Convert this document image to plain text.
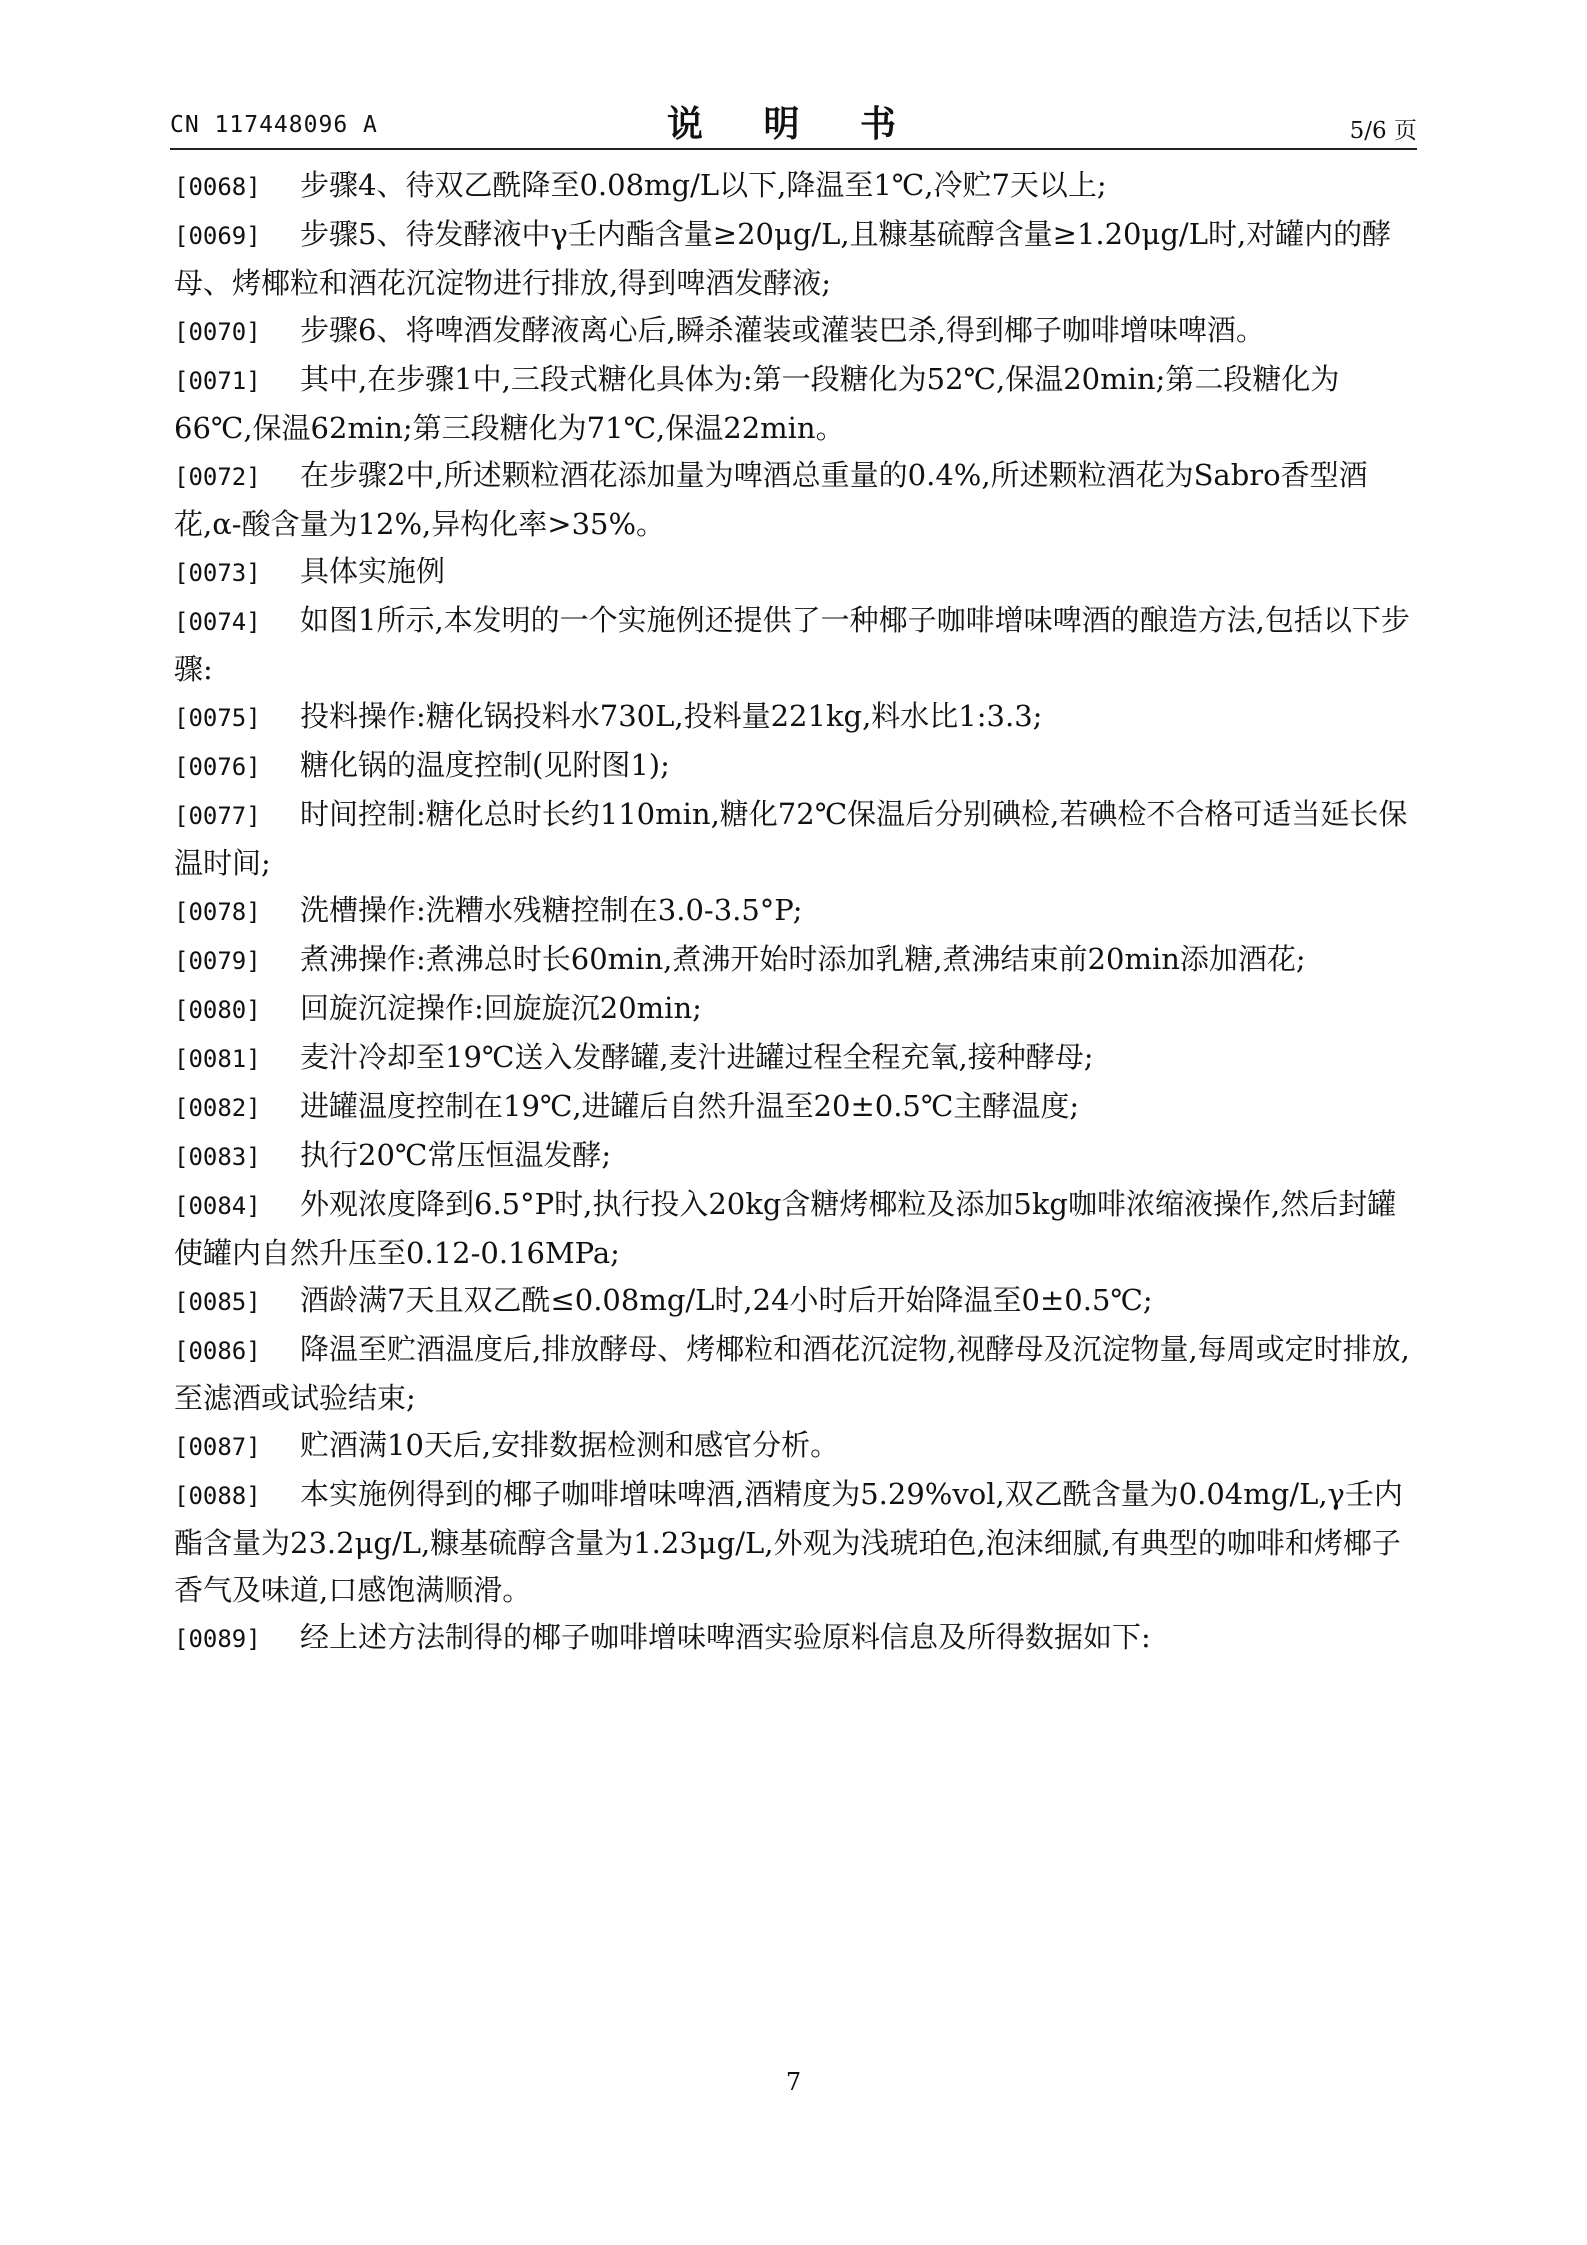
CN 117448096 A	说 明 书	5/6 页
[0068] 步骤4、待双乙酰降至0.08mg/L以下,降温至1℃,冷贮7天以上;
[0069] 步骤5、待发酵液中γ壬内酯含量≥20μg/L,且糠基硫醇含量≥1.20μg/L时,对罐内的酵母、烤椰粒和酒花沉淀物进行排放,得到啤酒发酵液;
[0070] 步骤6、将啤酒发酵液离心后,瞬杀灌装或灌装巴杀,得到椰子咖啡增味啤酒。
[0071] 其中,在步骤1中,三段式糖化具体为:第一段糖化为52℃,保温20min;第二段糖化为66℃,保温62min;第三段糖化为71℃,保温22min。
[0072] 在步骤2中,所述颗粒酒花添加量为啤酒总重量的0.4%,所述颗粒酒花为Sabro香型酒花,α-酸含量为12%,异构化率>35%。
[0073] 具体实施例
[0074] 如图1所示,本发明的一个实施例还提供了一种椰子咖啡增味啤酒的酿造方法,包括以下步骤:
[0075] 投料操作:糖化锅投料水730L,投料量221kg,料水比1:3.3;
[0076] 糖化锅的温度控制(见附图1);
[0077] 时间控制:糖化总时长约110min,糖化72℃保温后分别碘检,若碘检不合格可适当延长保温时间;
[0078] 洗槽操作:洗糟水残糖控制在3.0-3.5°P;
[0079] 煮沸操作:煮沸总时长60min,煮沸开始时添加乳糖,煮沸结束前20min添加酒花;
[0080] 回旋沉淀操作:回旋旋沉20min;
[0081] 麦汁冷却至19℃送入发酵罐,麦汁进罐过程全程充氧,接种酵母;
[0082] 进罐温度控制在19℃,进罐后自然升温至20±0.5℃主酵温度;
[0083] 执行20℃常压恒温发酵;
[0084] 外观浓度降到6.5°P时,执行投入20kg含糖烤椰粒及添加5kg咖啡浓缩液操作,然后封罐使罐内自然升压至0.12-0.16MPa;
[0085] 酒龄满7天且双乙酰≤0.08mg/L时,24小时后开始降温至0±0.5℃;
[0086] 降温至贮酒温度后,排放酵母、烤椰粒和酒花沉淀物,视酵母及沉淀物量,每周或定时排放,至滤酒或试验结束;
[0087] 贮酒满10天后,安排数据检测和感官分析。
[0088] 本实施例得到的椰子咖啡增味啤酒,酒精度为5.29%vol,双乙酰含量为0.04mg/L,γ壬内酯含量为23.2μg/L,糠基硫醇含量为1.23μg/L,外观为浅琥珀色,泡沫细腻,有典型的咖啡和烤椰子香气及味道,口感饱满顺滑。
[0089] 经上述方法制得的椰子咖啡增味啤酒实验原料信息及所得数据如下:
7
